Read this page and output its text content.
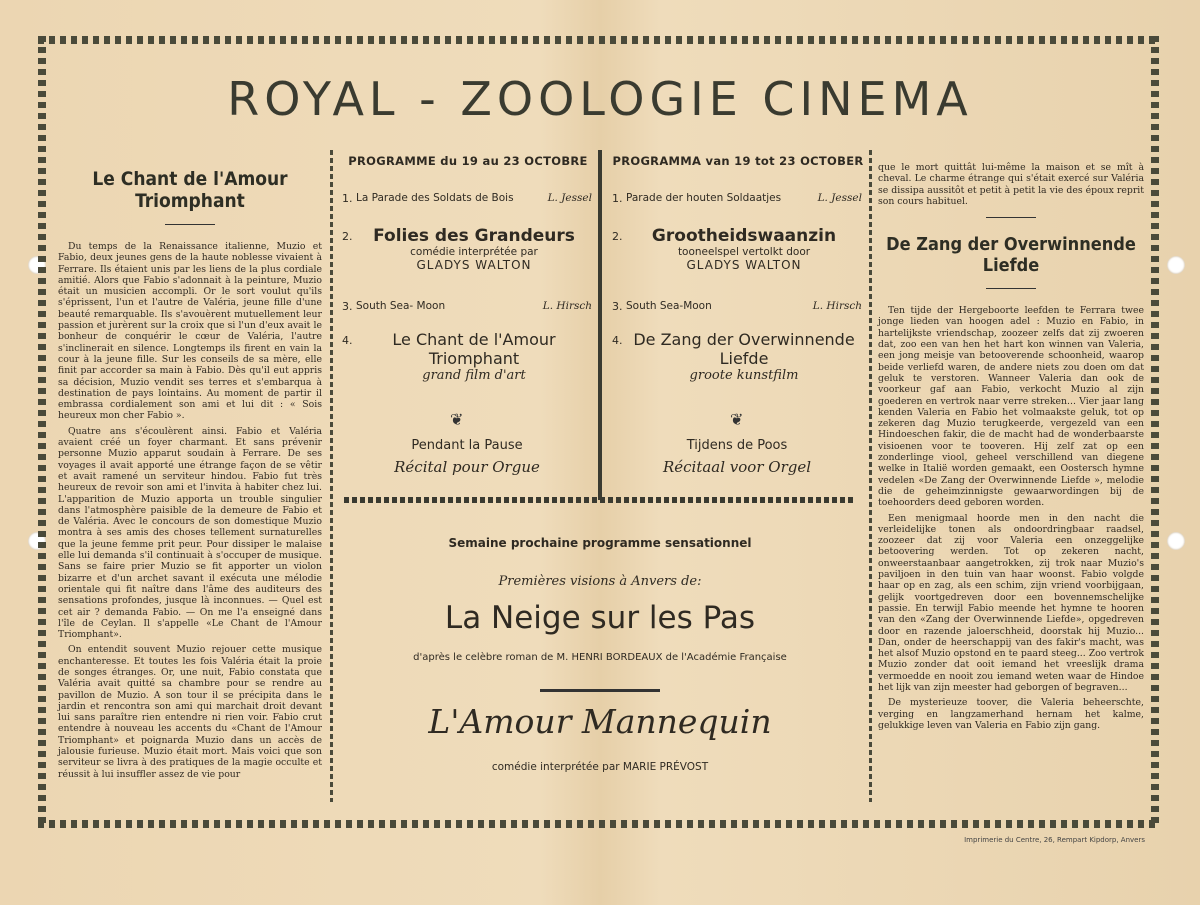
ROYAL - ZOOLOGIE CINEMA
Le Chant de l'Amour Triomphant

Du temps de la Renaissance italienne, Muzio et Fabio, deux jeunes gens de la haute noblesse vivaient à Ferrare. Ils étaient unis par les liens de la plus cordiale amitié. Alors que Fabio s'adonnait à la peinture, Muzio était un musicien accompli. Or le sort voulut qu'ils s'éprissent, l'un et l'autre de Valéria, jeune fille d'une beauté remarquable. Ils s'avouèrent mutuellement leur passion et jurèrent sur la croix que si l'un d'eux avait le bonheur de conquérir le cœur de Valéria, l'autre s'inclinerait en silence. Longtemps ils firent en vain la cour à la jeune fille. Sur les conseils de sa mère, elle finit par accorder sa main à Fabio. Dès qu'il eut appris sa décision, Muzio vendit ses terres et s'embarqua à destination de pays lointains. Au moment de partir il embrassa cordialement son ami et lui dit : « Sois heureux mon cher Fabio ».

Quatre ans s'écoulèrent ainsi. Fabio et Valéria avaient créé un foyer charmant. Et sans prévenir personne Muzio apparut soudain à Ferrare. De ses voyages il avait apporté une étrange façon de se vêtir et avait ramené un serviteur hindou. Fabio fut très heureux de revoir son ami et l'invita à habiter chez lui. L'apparition de Muzio apporta un trouble singulier dans l'atmosphère paisible de la demeure de Fabio et de Valéria. Avec le concours de son domestique Muzio montra à ses amis des choses tellement surnaturelles que la jeune femme prit peur. Pour dissiper le malaise elle lui demanda s'il continuait à s'occuper de musique. Sans se faire prier Muzio se fit apporter un violon bizarre et d'un archet savant il exécuta une mélodie orientale qui fit naître dans l'âme des auditeurs des sensations profondes, jusque là inconnues. — Quel est cet air ? demanda Fabio. — On me l'a enseigné dans l'île de Ceylan. Il s'appelle «Le Chant de l'Amour Triomphant».

On entendit souvent Muzio rejouer cette musique enchanteresse. Et toutes les fois Valéria était la proie de songes étranges. Or, une nuit, Fabio constata que Valéria avait quitté sa chambre pour se rendre au pavillon de Muzio. A son tour il se précipita dans le jardin et rencontra son ami qui marchait droit devant lui sans paraître rien entendre ni rien voir. Fabio crut entendre à nouveau les accents du «Chant de l'Amour Triomphant» et poignarda Muzio dans un accès de jalousie furieuse. Muzio était mort. Mais voici que son serviteur se livra à des pratiques de la magie occulte et réussit à lui insuffler assez de vie pour

que le mort quittât lui-même la maison et se mît à cheval. Le charme étrange qui s'était exercé sur Valéria se dissipa aussitôt et petit à petit la vie des époux reprit son cours habituel.

De Zang der Overwinnende Liefde

Ten tijde der Hergeboorte leefden te Ferrara twee jonge lieden van hoogen adel : Muzio en Fabio, in hartelijkste vriendschap, zoozeer zelfs dat zij zwoeren dat, zoo een van hen het hart kon winnen van Valeria, een jong meisje van betooverende schoonheid, waarop beide verliefd waren, de andere niets zou doen om dat geluk te verstoren. Wanneer Valeria dan ook de voorkeur gaf aan Fabio, verkocht Muzio al zijn goederen en vertrok naar verre streken... Vier jaar lang kenden Valeria en Fabio het volmaakste geluk, tot op zekeren dag Muzio terugkeerde, vergezeld van een Hindoeschen fakir, die de macht had de wonderbaarste visioenen voor te tooveren. Hij zelf zat op een zonderlinge viool, geheel verschillend van diegene welke in Italië worden gemaakt, een Oostersch hymne vedelen «De Zang der Overwinnende Liefde », melodie die de geheimzinnigste gewaarwordingen bij de toehoorders deed geboren worden.

Een menigmaal hoorde men in den nacht die verleidelijke tonen als ondoordringbaar raadsel, zoozeer dat zij voor Valeria een onzeggelijke betoovering werden. Tot op zekeren nacht, onweerstaanbaar aangetrokken, zij trok naar Muzio's paviljoen in den tuin van haar woonst. Fabio volgde haar op en zag, als een schim, zijn vriend voorbijgaan, gelijk voortgedreven door een bovennemschelijke passie. En terwijl Fabio meende het hymne te hooren van den «Zang der Overwinnende Liefde», opgedreven door en razende jaloerschheid, doorstak hij Muzio... Dan, onder de heerschappij van des fakir's macht, was het alsof Muzio opstond en te paard steeg... Zoo vertrok Muzio zonder dat ooit iemand het vreeslijk drama vermoedde en nooit zou iemand weten waar de Hindoe het lijk van zijn meester had geborgen of begraven...

De mysterieuze toover, die Valeria beheerschte, verging en langzamerhand hernam het kalme, gelukkige leven van Valeria en Fabio zijn gang.

PROGRAMME du 19 au 23 OCTOBRE	PROGRAMMA van 19 tot 23 OCTOBER
1. La Parade des Soldats de Bois	L. Jessel
2.	Folies des Grandeurs
comédie interprétée par
GLADYS WALTON
3. South Sea- Moon	L. Hirsch
4.	Le Chant de l'Amour Triomphant
grand film d'art
❦
Pendant la Pause
Récital pour Orgue
1. Parade der houten Soldaatjes	L. Jessel
2.	Grootheidswaanzin
tooneelspel vertolkt door
GLADYS WALTON
3. South Sea-Moon	L. Hirsch
4. De Zang der Overwinnende Liefde
groote kunstfilm
❦
Tijdens de Poos
Récitaal voor Orgel
Semaine prochaine programme sensationnel
Premières visions à Anvers de:
La Neige sur les Pas
d'après le celèbre roman de M. HENRI BORDEAUX de l'Académie Française
L'Amour Mannequin
comédie interprétée par MARIE PRÉVOST
Imprimerie du Centre, 26, Rempart Kipdorp, Anvers
